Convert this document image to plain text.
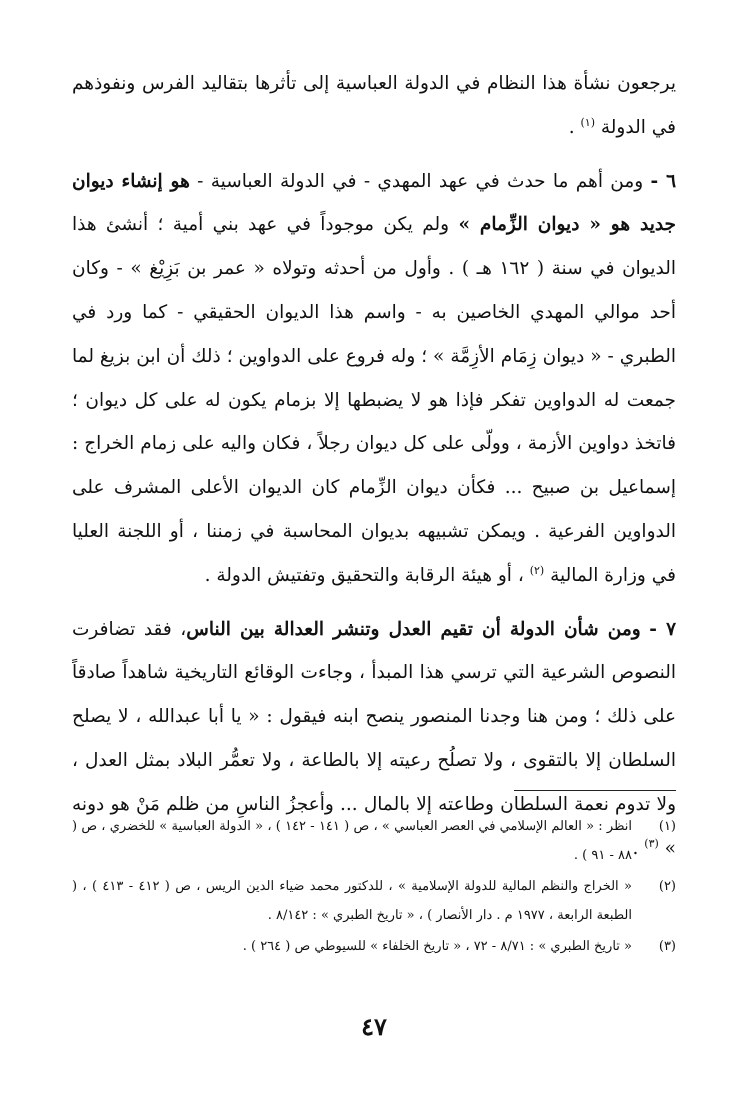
يرجعون نشأة هذا النظام في الدولة العباسية إلى تأثرها بتقاليد الفرس ونفوذهم في الدولة $^{(١)}$ .

٦ - ومن أهم ما حدث في عهد المهدي - في الدولة العباسية - هو إنشاء ديوان جديد هو « ديوان الزِّمام » ولم يكن موجوداً في عهد بني أمية ؛ أنشئ هذا الديوان في سنة ( ١٦٢ هـ ) . وأول من أحدثه وتولاه « عمر بن بَزِيْغ » - وكان أحد موالي المهدي الخاصين به - واسم هذا الديوان الحقيقي - كما ورد في الطبري - « ديوان زِمَام الأزِمَّة » ؛ وله فروع على الدواوين ؛ ذلك أن ابن بزيغ لما جمعت له الدواوين تفكر فإذا هو لا يضبطها إلا بزمام يكون له على كل ديوان ؛ فاتخذ دواوين الأزمة ، وولّى على كل ديوان رجلاً ، فكان واليه على زمام الخراج : إسماعيل بن صبيح ... فكأن ديوان الزِّمام كان الديوان الأعلى المشرف على الدواوين الفرعية . ويمكن تشبيهه بديوان المحاسبة في زمننا ، أو اللجنة العليا في وزارة المالية $^{(٢)}$ ، أو هيئة الرقابة والتحقيق وتفتيش الدولة .

٧ - ومن شأن الدولة أن تقيم العدل وتنشر العدالة بين الناس، فقد تضافرت النصوص الشرعية التي ترسي هذا المبدأ ، وجاءت الوقائع التاريخية شاهداً صادقاً على ذلك ؛ ومن هنا وجدنا المنصور ينصح ابنه فيقول : « يا أبا عبدالله ، لا يصلح السلطان إلا بالتقوى ، ولا تصلُح رعيته إلا بالطاعة ، ولا تعمُّر البلاد بمثل العدل ، ولا تدوم نعمة السلطان وطاعته إلا بالمال ... وأعجزُ الناسِ من ظلم مَنْ هو دونه » $^{(٣)}$ .

(١)
انظر : « العالم الإسلامي في العصر العباسي » ، ص ( ١٤١ - ١٤٢ ) ، « الدولة العباسية » للخضري ، ص ( ٨٨ - ٩١ ) .
(٢)
« الخراج والنظم المالية للدولة الإسلامية » ، للدكتور محمد ضياء الدين الريس ، ص ( ٤١٢ - ٤١٣ ) ، ( الطبعة الرابعة ، ١٩٧٧ م . دار الأنصار ) ، « تاريخ الطبري » : ٨/١٤٢ .
(٣)
« تاريخ الطبري » : ٨/٧١ - ٧٢ ، « تاريخ الخلفاء » للسيوطي ص ( ٢٦٤ ) .
٤٧
